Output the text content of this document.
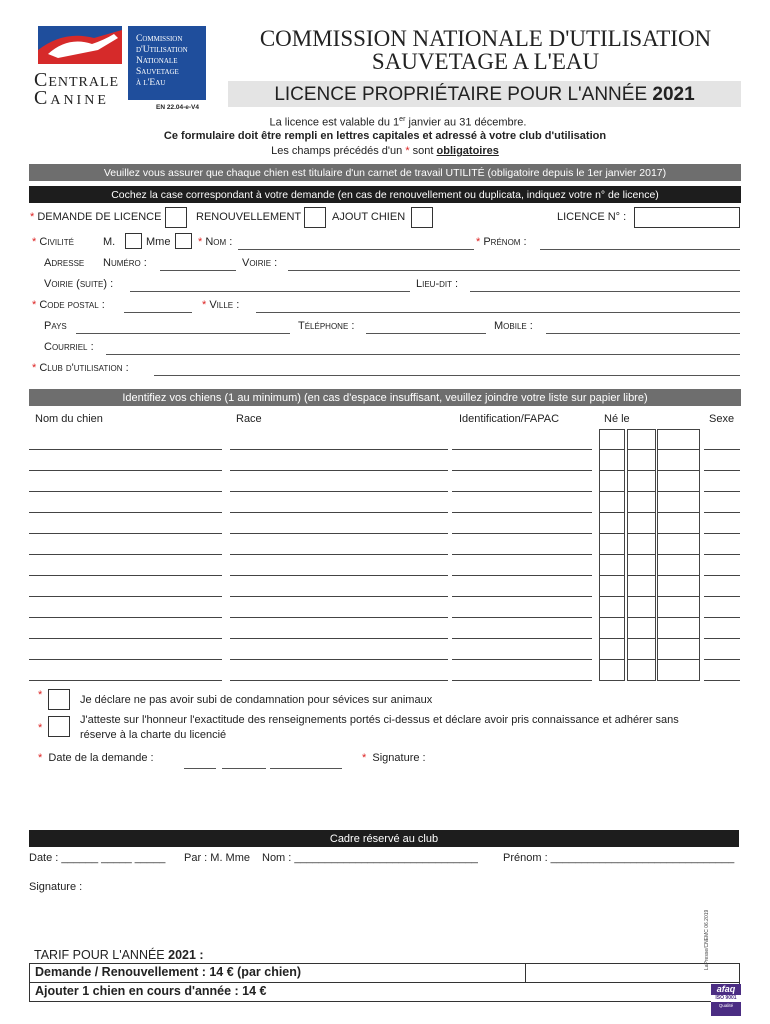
Centrale
Canine
Commission
d'Utilisation
Nationale
Sauvetage
à l'Eau
EN 22.04-e-V4
COMMISSION NATIONALE D'UTILISATION
SAUVETAGE A L'EAU
LICENCE PROPRIÉTAIRE POUR L'ANNÉE 2021
La licence est valable du 1er janvier au 31 décembre.
Ce formulaire doit être rempli en lettres capitales et adressé à votre club d'utilisation
Les champs précédés d'un * sont obligatoires
Veuillez vous assurer que chaque chien est titulaire d'un carnet de travail UTILITÉ (obligatoire depuis le 1er janvier 2017)
Cochez la case correspondant à votre demande (en cas de renouvellement ou duplicata, indiquez votre n° de licence)
* DEMANDE DE LICENCE	RENOUVELLEMENT	AJOUT CHIEN	LICENCE N° :
* Civilité	M.	Mme	* Nom :	* Prénom :
Adresse Numéro :	Voirie :
Voirie (suite) :	Lieu-dit :
* Code postal :	* Ville :
Pays	Téléphone :	Mobile :
Courriel :
* Club d'utilisation :
Identifiez vos chiens (1 au minimum) (en cas d'espace insuffisant, veuillez joindre votre liste sur papier libre)
Nom du chien	Race	Identification/FAPAC	Né le	Sexe
*	Je déclare ne pas avoir subi de condamnation pour sévices sur animaux
*
J'atteste sur l'honneur l'exactitude des renseignements portés ci-dessus et déclare avoir pris connaissance et adhérer sans
réserve à la charte du licencié
* Date de la demande :	* Signature :
Cadre réservé au club
Date : ______ _____ _____ Par : M. Mme Nom : ______________________________ Prénom : ______________________________
Signature :
TARIF POUR L'ANNÉE 2021 :
Demande / Renouvellement : 14 € (par chien)
Ajouter 1 chien en cours d'année : 14 €
LaPresse/CNEMC 06.2019
afaq
ISO 9001
Qualité
